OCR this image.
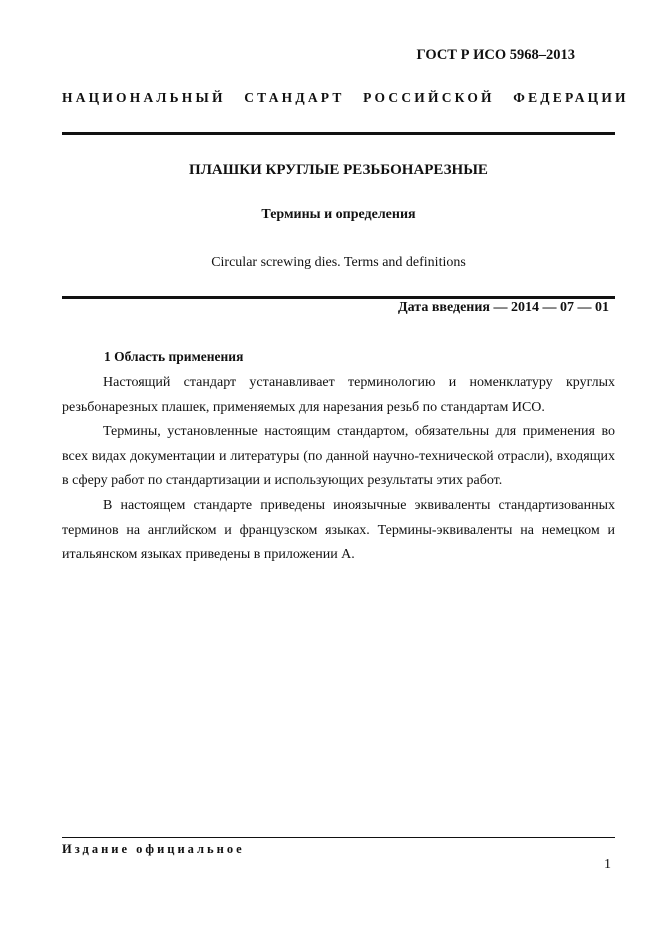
ГОСТ Р ИСО 5968–2013
НАЦИОНАЛЬНЫЙ СТАНДАРТ РОССИЙСКОЙ ФЕДЕРАЦИИ
ПЛАШКИ КРУГЛЫЕ РЕЗЬБОНАРЕЗНЫЕ
Термины и определения
Circular screwing dies. Terms and definitions
Дата введения — 2014 — 07 — 01
1 Область применения

Настоящий стандарт устанавливает терминологию и номенклатуру круглых резьбонарезных плашек, применяемых для нарезания резьб по стандартам ИСО.

Термины, установленные настоящим стандартом, обязательны для применения во всех видах документации и литературы (по данной научно-технической отрасли), входящих в сферу работ по стандартизации и использующих результаты этих работ.

В настоящем стандарте приведены иноязычные эквиваленты стандартизованных терминов на английском и французском языках. Термины-эквиваленты на немецком и итальянском языках приведены в приложении А.

Издание официальное
1
